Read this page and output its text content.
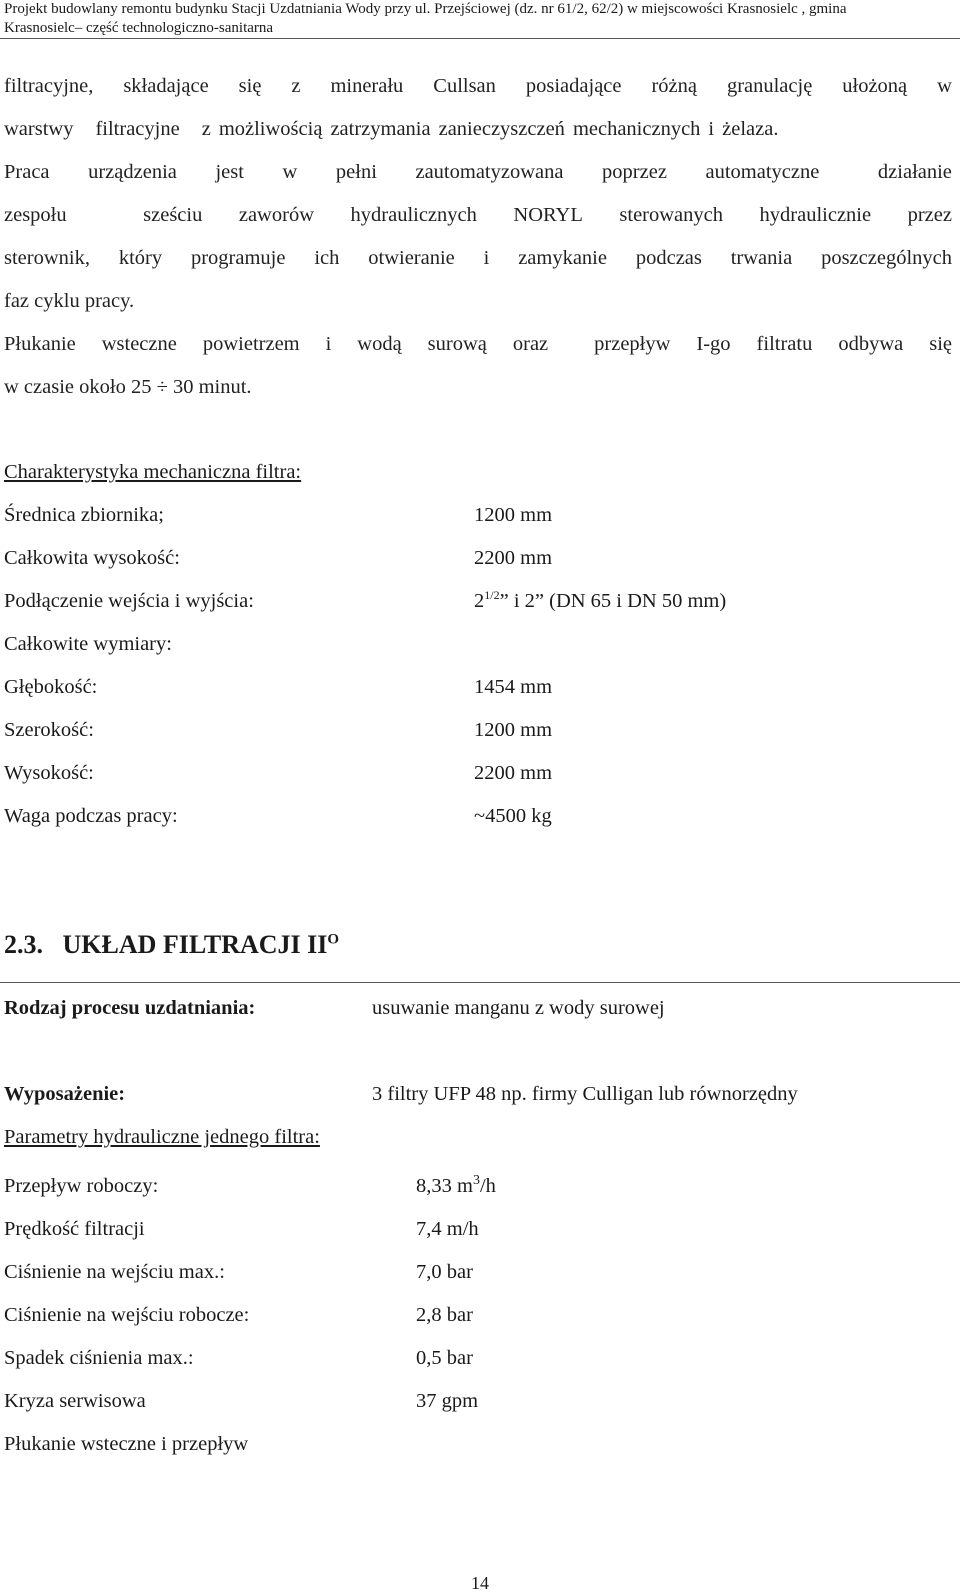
Projekt budowlany remontu budynku Stacji Uzdatniania Wody przy ul. Przejściowej (dz. nr 61/2, 62/2) w miejscowości Krasnosielc , gmina
Krasnosielc– część technologiczno-sanitarna
filtracyjne, składające się z minerału Cullsan posiadające różną granulację ułożoną w
warstwy filtracyjne z możliwością zatrzymania zanieczyszczeń mechanicznych i żelaza.
Praca urządzenia jest w pełni zautomatyzowana poprzez automatyczne	działanie
zespołu	sześciu zaworów hydraulicznych NORYL sterowanych hydraulicznie przez
sterownik, który programuje ich otwieranie i zamykanie podczas trwania poszczególnych
faz cyklu pracy.
Płukanie wsteczne powietrzem i wodą surową oraz przepływ I-go filtratu odbywa się
w czasie około 25 ÷ 30 minut.
Charakterystyka mechaniczna filtra:
Średnica zbiornika;	1200 mm
Całkowita wysokość:	2200 mm
Podłączenie wejścia i wyjścia:	$2^{1/2}$” i 2” (DN 65 i DN 50 mm)
Całkowite wymiary:
Głębokość:	1454 mm
Szerokość:	1200 mm
Wysokość:	2200 mm
Waga podczas pracy:	~4500 kg
2.3. UKŁAD FILTRACJI $II^O$
Rodzaj procesu uzdatniania:	usuwanie manganu z wody surowej
Wyposażenie:	3 filtry UFP 48 np. firmy Culligan lub równorzędny
Parametry hydrauliczne jednego filtra:
Przepływ roboczy:	8,33 $m^3/h$
Prędkość filtracji	7,4 m/h
Ciśnienie na wejściu max.:	7,0 bar
Ciśnienie na wejściu robocze:	2,8 bar
Spadek ciśnienia max.:	0,5 bar
Kryza serwisowa	37 gpm
Płukanie wsteczne i przepływ
14
